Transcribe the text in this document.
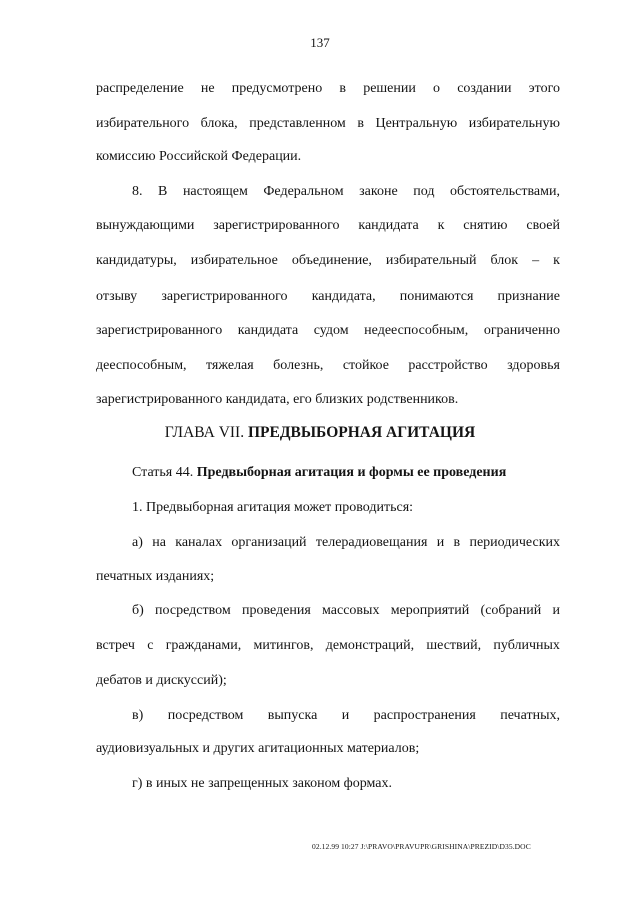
137
распределение не предусмотрено в решении о создании этого
избирательного блока, представленном в Центральную избирательную
комиссию Российской Федерации.
8. В настоящем Федеральном законе под обстоятельствами,
вынуждающими зарегистрированного кандидата к снятию своей
кандидатуры, избирательное объединение, избирательный блок – к
отзыву зарегистрированного кандидата, понимаются признание
зарегистрированного кандидата судом недееспособным, ограниченно
дееспособным, тяжелая болезнь, стойкое расстройство здоровья
зарегистрированного кандидата, его близких родственников.
ГЛАВА VII. ПРЕДВЫБОРНАЯ АГИТАЦИЯ
Статья 44. Предвыборная агитация и формы ее проведения
1. Предвыборная агитация может проводиться:
а) на каналах организаций телерадиовещания и в периодических
печатных изданиях;
б) посредством проведения массовых мероприятий (собраний и
встреч с гражданами, митингов, демонстраций, шествий, публичных
дебатов и дискуссий);
в) посредством выпуска и распространения печатных,
аудиовизуальных и других агитационных материалов;
г) в иных не запрещенных законом формах.
02.12.99 10:27 J:\PRAVO\PRAVUPR\GRISHINA\PREZID\D35.DOC
